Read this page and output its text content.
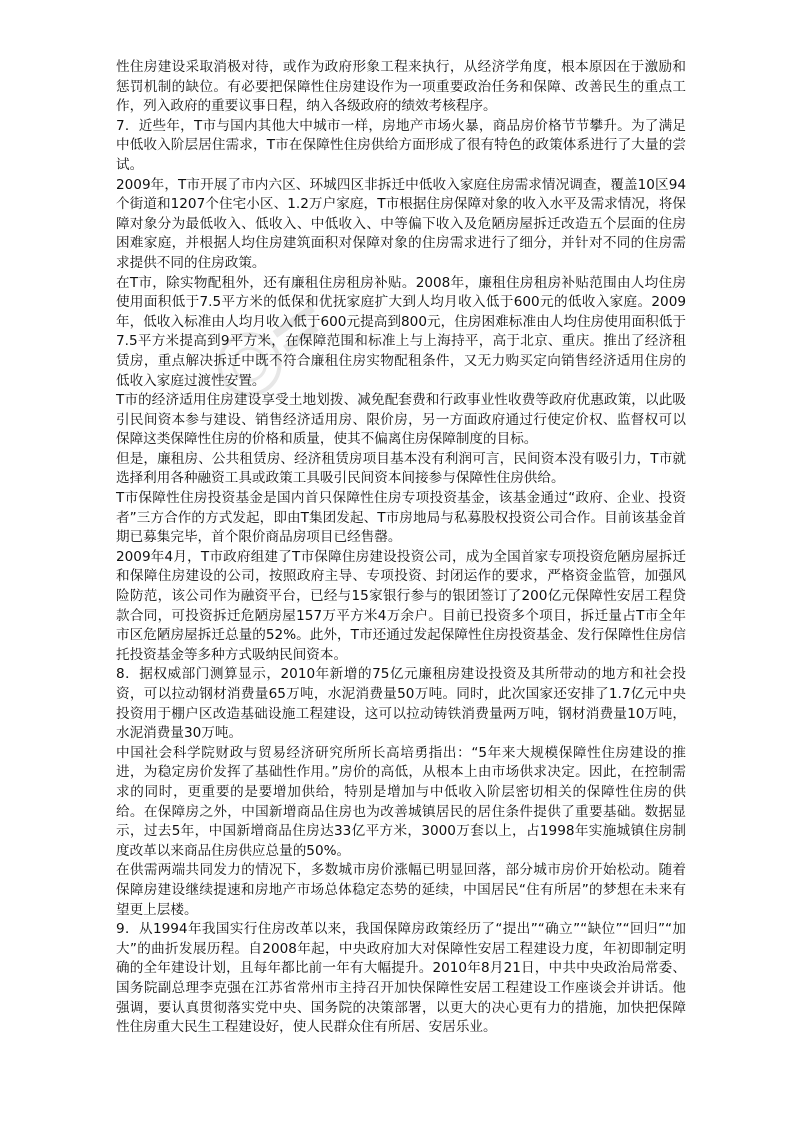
性住房建设采取消极对待，或作为政府形象工程来执行，从经济学角度，根本原因在于激励和惩罚机制的缺位。有必要把保障性住房建设作为一项重要政治任务和保障、改善民生的重点工作，列入政府的重要议事日程，纳入各级政府的绩效考核程序。

7．近些年，T市与国内其他大中城市一样，房地产市场火暴，商品房价格节节攀升。为了满足中低收入阶层居住需求，T市在保障性住房供给方面形成了很有特色的政策体系进行了大量的尝试。

2009年，T市开展了市内六区、环城四区非拆迁中低收入家庭住房需求情况调查，覆盖10区94个街道和1207个住宅小区、1.2万户家庭，T市根据住房保障对象的收入水平及需求情况，将保障对象分为最低收入、低收入、中低收入、中等偏下收入及危陋房屋拆迁改造五个层面的住房困难家庭，并根据人均住房建筑面积对保障对象的住房需求进行了细分，并针对不同的住房需求提供不同的住房政策。

在T市，除实物配租外，还有廉租住房租房补贴。2008年，廉租住房租房补贴范围由人均住房使用面积低于7.5平方米的低保和优抚家庭扩大到人均月收入低于600元的低收入家庭。2009年，低收入标准由人均月收入低于600元提高到800元，住房困难标准由人均住房使用面积低于7.5平方米提高到9平方米，在保障范围和标准上与上海持平，高于北京、重庆。推出了经济租赁房，重点解决拆迁中既不符合廉租住房实物配租条件，又无力购买定向销售经济适用住房的低收入家庭过渡性安置。

T市的经济适用住房建设享受土地划拨、减免配套费和行政事业性收费等政府优惠政策，以此吸引民间资本参与建设、销售经济适用房、限价房，另一方面政府通过行使定价权、监督权可以保障这类保障性住房的价格和质量，使其不偏离住房保障制度的目标。

但是，廉租房、公共租赁房、经济租赁房项目基本没有利润可言，民间资本没有吸引力，T市就选择利用各种融资工具或政策工具吸引民间资本间接参与保障性住房供给。

T市保障性住房投资基金是国内首只保障性住房专项投资基金，该基金通过“政府、企业、投资者”三方合作的方式发起，即由T集团发起、T市房地局与私募股权投资公司合作。目前该基金首期已募集完毕，首个限价商品房项目已经售罄。

2009年4月，T市政府组建了T市保障住房建设投资公司，成为全国首家专项投资危陋房屋拆迁和保障住房建设的公司，按照政府主导、专项投资、封闭运作的要求，严格资金监管，加强风险防范，该公司作为融资平台，已经与15家银行参与的银团签订了200亿元保障性安居工程贷款合同，可投资拆迁危陋房屋157万平方米4万余户。目前已投资多个项目，拆迁量占T市全年市区危陋房屋拆迁总量的52%。此外，T市还通过发起保障性住房投资基金、发行保障性住房信托投资基金等多种方式吸纳民间资本。

8．据权威部门测算显示，2010年新增的75亿元廉租房建设投资及其所带动的地方和社会投资，可以拉动钢材消费量65万吨，水泥消费量50万吨。同时，此次国家还安排了1.7亿元中央投资用于棚户区改造基础设施工程建设，这可以拉动铸铁消费量两万吨，钢材消费量10万吨，水泥消费量30万吨。

中国社会科学院财政与贸易经济研究所所长高培勇指出：“5年来大规模保障性住房建设的推进，为稳定房价发挥了基础性作用。”房价的高低，从根本上由市场供求决定。因此，在控制需求的同时，更重要的是要增加供给，特别是增加与中低收入阶层密切相关的保障性住房的供给。在保障房之外，中国新增商品住房也为改善城镇居民的居住条件提供了重要基础。数据显示，过去5年，中国新增商品住房达33亿平方米，3000万套以上，占1998年实施城镇住房制度改革以来商品住房供应总量的50%。

在供需两端共同发力的情况下，多数城市房价涨幅已明显回落，部分城市房价开始松动。随着保障房建设继续提速和房地产市场总体稳定态势的延续，中国居民“住有所居”的梦想在未来有望更上层楼。

9．从1994年我国实行住房改革以来，我国保障房政策经历了“提出”“确立”“缺位”“回归”“加大”的曲折发展历程。自2008年起，中央政府加大对保障性安居工程建设力度，年初即制定明确的全年建设计划，且每年都比前一年有大幅提升。2010年8月21日，中共中央政治局常委、国务院副总理李克强在江苏省常州市主持召开加快保障性安居工程建设工作座谈会并讲话。他强调，要认真贯彻落实党中央、国务院的决策部署，以更大的决心更有力的措施，加快把保障性住房重大民生工程建设好，使人民群众住有所居、安居乐业。
